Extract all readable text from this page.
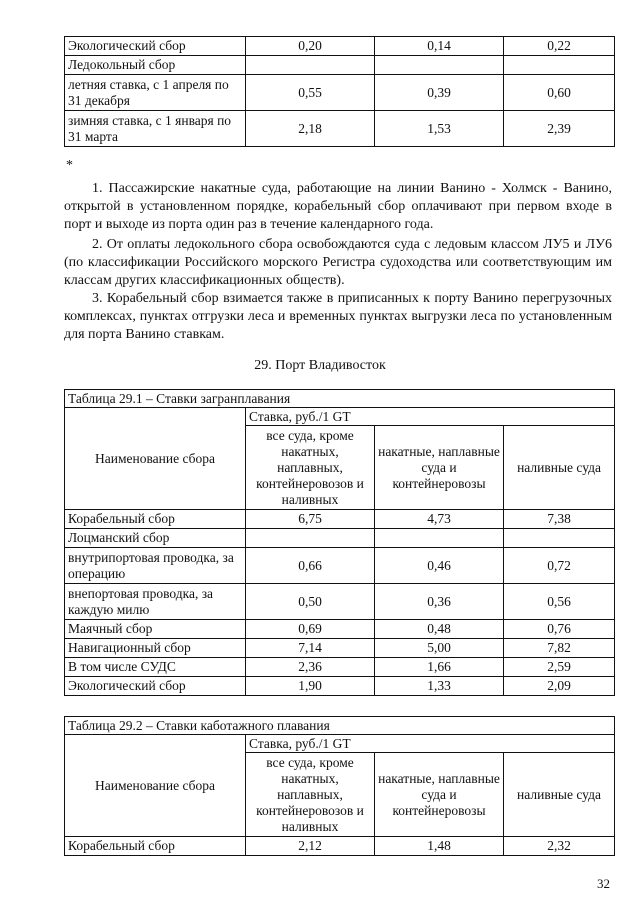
Экологический сбор	0,20	0,14	0,22
Ледокольный сбор			
летняя ставка, с 1 апреля по 31 декабря	0,55	0,39	0,60
зимняя ставка, с 1 января по 31 марта	2,18	1,53	2,39
*
1. Пассажирские накатные суда, работающие на линии Ванино - Холмск - Ванино, открытой в установленном порядке, корабельный сбор оплачивают при первом входе в порт и выходе из порта один раз в течение календарного года.
2. От оплаты ледокольного сбора освобождаются суда с ледовым классом ЛУ5 и ЛУ6 (по классификации Российского морского Регистра судоходства или соответствующим им классам других классификационных обществ).
3. Корабельный сбор взимается также в приписанных к порту Ванино перегрузочных комплексах, пунктах отгрузки леса и временных пунктах выгрузки леса по установленным для порта Ванино ставкам.
29. Порт Владивосток
Таблица 29.1 – Ставки загранплавания			
Наименование сбора	Ставка, руб./1 GT		
	все суда, кроме накатных, наплавных, контейнеровозов и наливных	накатные, наплавные суда и контейнеровозы	наливные суда
Корабельный сбор	6,75	4,73	7,38
Лоцманский сбор			
внутрипортовая проводка, за операцию	0,66	0,46	0,72
внепортовая проводка, за каждую милю	0,50	0,36	0,56
Маячный сбор	0,69	0,48	0,76
Навигационный сбор	7,14	5,00	7,82
В том числе СУДС	2,36	1,66	2,59
Экологический сбор	1,90	1,33	2,09
Таблица 29.2 – Ставки каботажного плавания			
Наименование сбора	Ставка, руб./1 GT		
	все суда, кроме накатных, наплавных, контейнеровозов и наливных	накатные, наплавные суда и контейнеровозы	наливные суда
Корабельный сбор	2,12	1,48	2,32
32
